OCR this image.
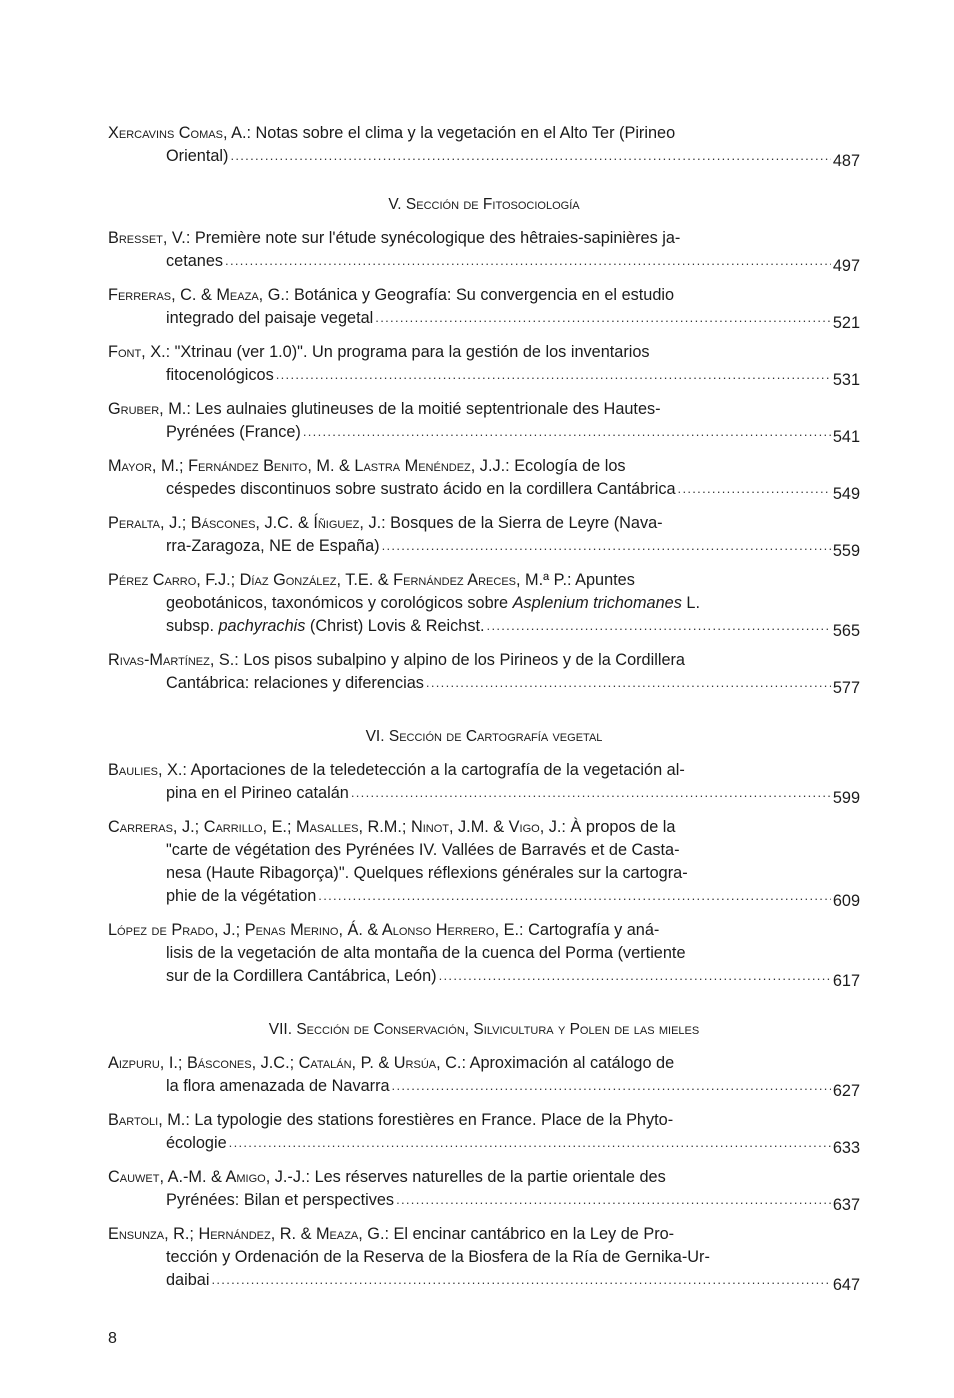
Xercavins Comas, A.: Notas sobre el clima y la vegetación en el Alto Ter (Pirineo
Oriental) .....	487
V. Sección de Fitosociología
Bresset, V.: Première note sur l'étude synécologique des hêtraies-sapinières ja-
cetanes .....	497
Ferreras, C. & Meaza, G.: Botánica y Geografía: Su convergencia en el estudio
integrado del paisaje vegetal .....	521
Font, X.: "Xtrinau (ver 1.0)". Un programa para la gestión de los inventarios
fitocenológicos .....	531
Gruber, M.: Les aulnaies glutineuses de la moitié septentrionale des Hautes-
Pyrénées (France) .....	541
Mayor, M.; Fernández Benito, M. & Lastra Menéndez, J.J.: Ecología de los
céspedes discontinuos sobre sustrato ácido en la cordillera Cantábrica .....	549
Peralta, J.; Báscones, J.C. & Íñiguez, J.: Bosques de la Sierra de Leyre (Nava-
rra-Zaragoza, NE de España) .....	559
Pérez Carro, F.J.; Díaz González, T.E. & Fernández Areces, M.ª P.: Apuntes
geobotánicos, taxonómicos y corológicos sobre Asplenium trichomanes L.
subsp. pachyrachis (Christ) Lovis & Reichst. .....	565
Rivas-Martínez, S.: Los pisos subalpino y alpino de los Pirineos y de la Cordillera
Cantábrica: relaciones y diferencias .....	577
VI. Sección de Cartografía vegetal
Baulies, X.: Aportaciones de la teledetección a la cartografía de la vegetación al-
pina en el Pirineo catalán .....	599
Carreras, J.; Carrillo, E.; Masalles, R.M.; Ninot, J.M. & Vigo, J.: À propos de la
"carte de végétation des Pyrénées IV. Vallées de Barravés et de Casta-
nesa (Haute Ribagorça)". Quelques réflexions générales sur la cartogra-
phie de la végétation .....	609
López de Prado, J.; Penas Merino, Á. & Alonso Herrero, E.: Cartografía y aná-
lisis de la vegetación de alta montaña de la cuenca del Porma (vertiente
sur de la Cordillera Cantábrica, León) .....	617
VII. Sección de Conservación, Silvicultura y Polen de las mieles
Aizpuru, I.; Báscones, J.C.; Catalán, P. & Ursúa, C.: Aproximación al catálogo de
la flora amenazada de Navarra .....	627
Bartoli, M.: La typologie des stations forestières en France. Place de la Phyto-
écologie .....	633
Cauwet, A.-M. & Amigo, J.-J.: Les réserves naturelles de la partie orientale des
Pyrénées: Bilan et perspectives .....	637
Ensunza, R.; Hernández, R. & Meaza, G.: El encinar cantábrico en la Ley de Pro-
tección y Ordenación de la Reserva de la Biosfera de la Ría de Gernika-Ur-
daibai .....	647
8
